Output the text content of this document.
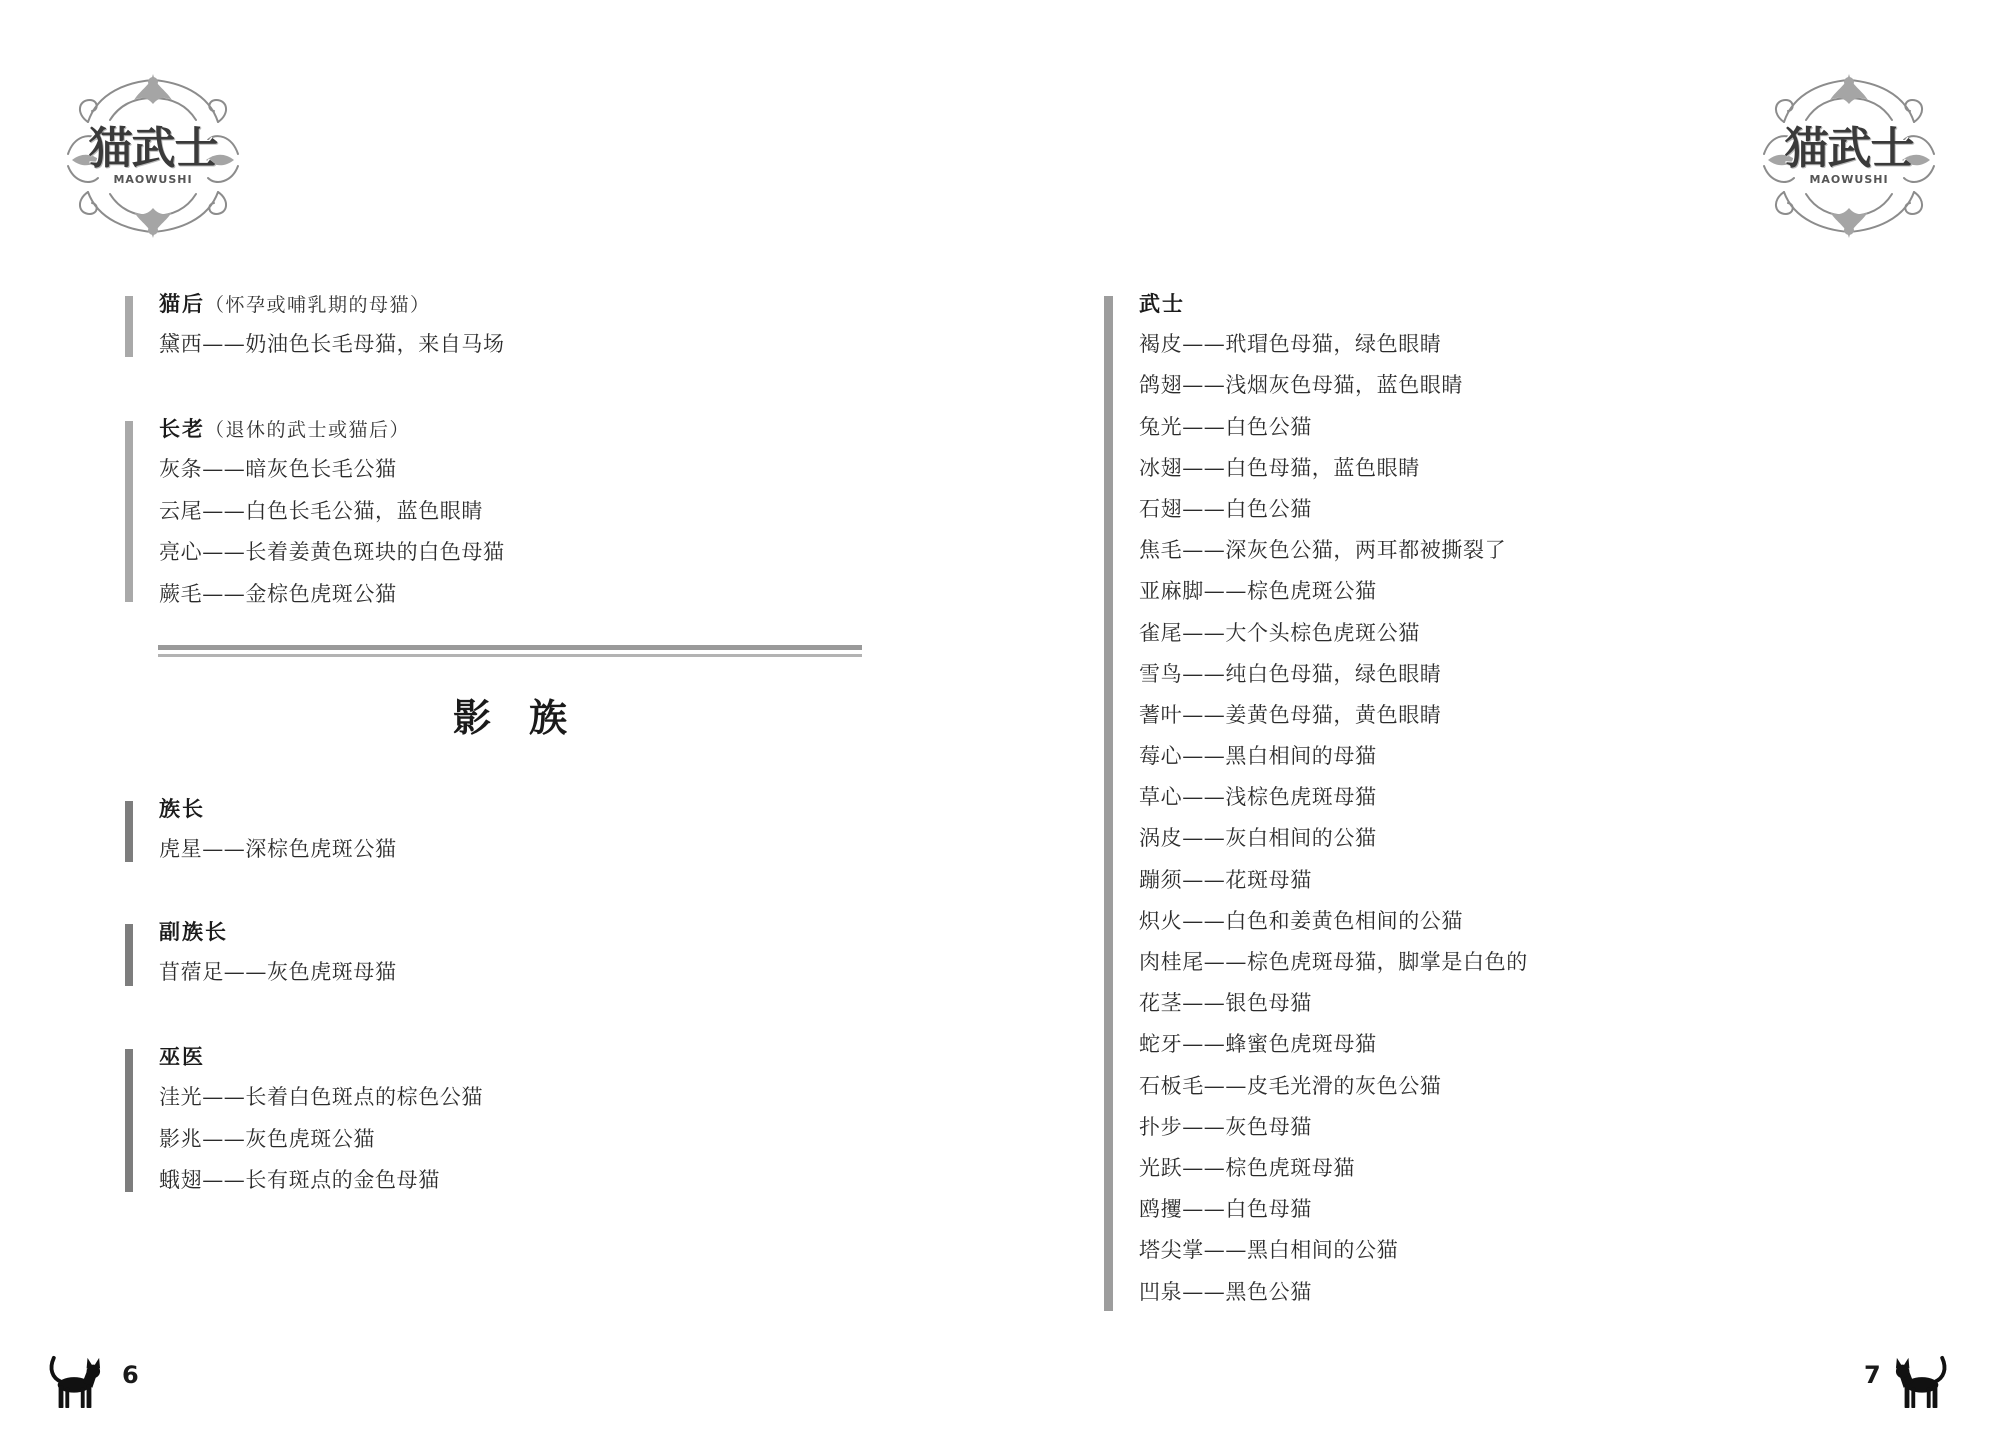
猫武士
MAOWUSHI
猫后（怀孕或哺乳期的母猫）
黛西——奶油色长毛母猫，来自马场
长老（退休的武士或猫后）
灰条——暗灰色长毛公猫
云尾——白色长毛公猫，蓝色眼睛
亮心——长着姜黄色斑块的白色母猫
蕨毛——金棕色虎斑公猫
影　族
族长
虎星——深棕色虎斑公猫
副族长
苜蓿足——灰色虎斑母猫
巫医
洼光——长着白色斑点的棕色公猫
影兆——灰色虎斑公猫
蛾翅——长有斑点的金色母猫
6
猫武士
MAOWUSHI
武士
褐皮——玳瑁色母猫，绿色眼睛
鸽翅——浅烟灰色母猫，蓝色眼睛
兔光——白色公猫
冰翅——白色母猫，蓝色眼睛
石翅——白色公猫
焦毛——深灰色公猫，两耳都被撕裂了
亚麻脚——棕色虎斑公猫
雀尾——大个头棕色虎斑公猫
雪鸟——纯白色母猫，绿色眼睛
蓍叶——姜黄色母猫，黄色眼睛
莓心——黑白相间的母猫
草心——浅棕色虎斑母猫
涡皮——灰白相间的公猫
蹦须——花斑母猫
炽火——白色和姜黄色相间的公猫
肉桂尾——棕色虎斑母猫，脚掌是白色的
花茎——银色母猫
蛇牙——蜂蜜色虎斑母猫
石板毛——皮毛光滑的灰色公猫
扑步——灰色母猫
光跃——棕色虎斑母猫
鸥攫——白色母猫
塔尖掌——黑白相间的公猫
凹泉——黑色公猫
7
